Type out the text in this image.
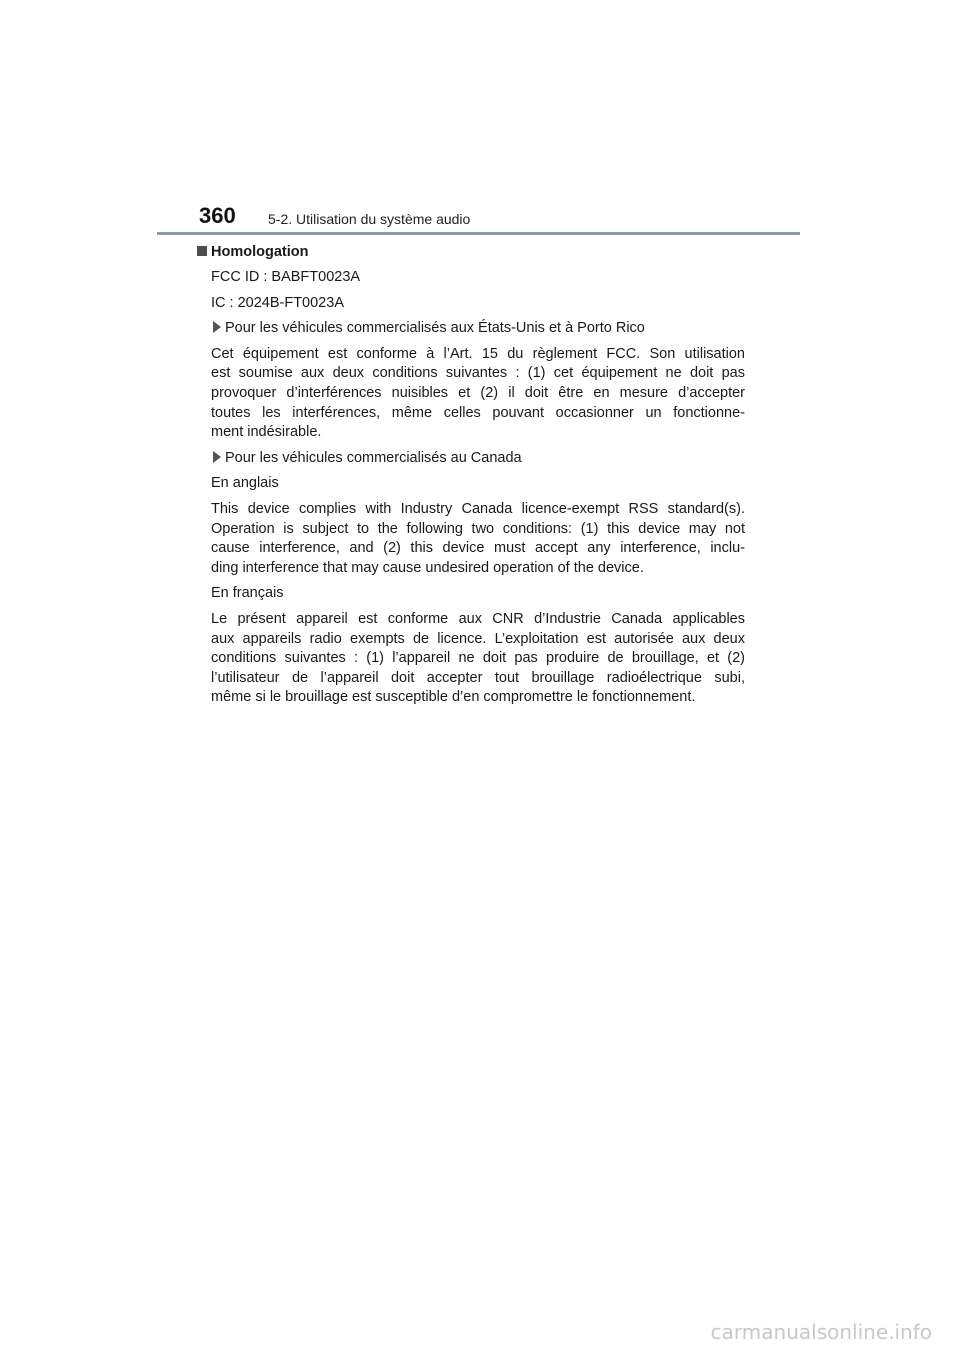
360 5-2. Utilisation du système audio
Homologation

FCC ID : BABFT0023A

IC : 2024B-FT0023A

Pour les véhicules commercialisés aux États-Unis et à Porto Rico

Cet équipement est conforme à l’Art. 15 du règlement FCC. Son utilisation
est soumise aux deux conditions suivantes : (1) cet équipement ne doit pas
provoquer d’interférences nuisibles et (2) il doit être en mesure d’accepter
toutes les interférences, même celles pouvant occasionner un fonctionne-
ment indésirable.

Pour les véhicules commercialisés au Canada

En anglais

This device complies with Industry Canada licence-exempt RSS standard(s).
Operation is subject to the following two conditions: (1) this device may not
cause interference, and (2) this device must accept any interference, inclu-
ding interference that may cause undesired operation of the device.

En français

Le présent appareil est conforme aux CNR d’Industrie Canada applicables
aux appareils radio exempts de licence. L’exploitation est autorisée aux deux
conditions suivantes : (1) l’appareil ne doit pas produire de brouillage, et (2)
l’utilisateur de l’appareil doit accepter tout brouillage radioélectrique subi,
même si le brouillage est susceptible d’en compromettre le fonctionnement.

carmanualsonline.info
